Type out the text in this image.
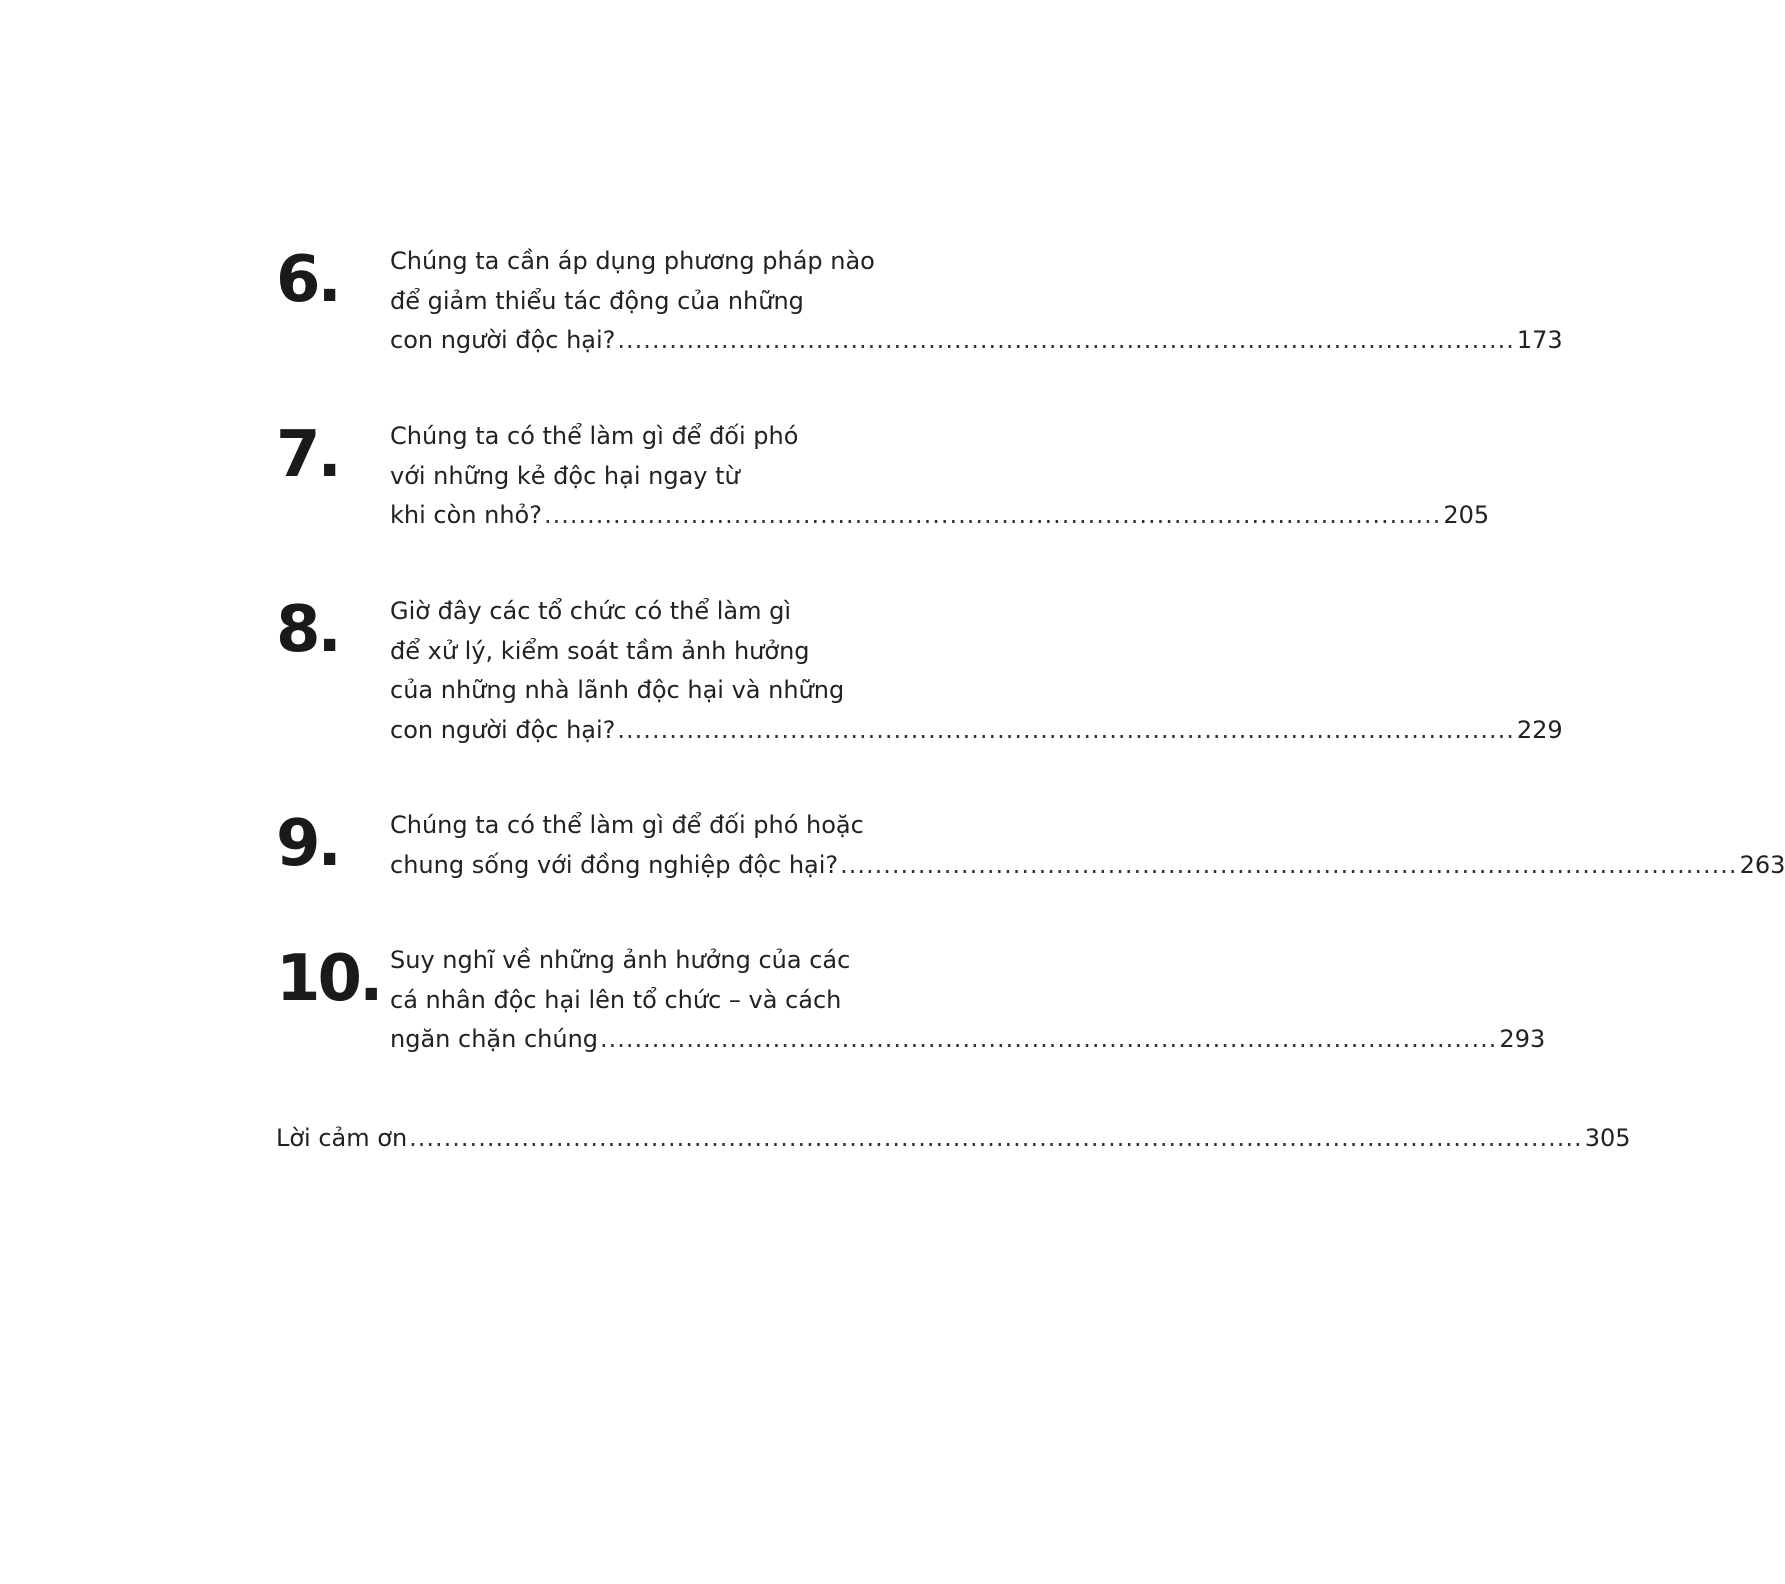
6. Chúng ta cần áp dụng phương pháp nào
để giảm thiểu tác động của những
con người độc hại? ........................................................................................................ 173
7. Chúng ta có thể làm gì để đối phó
với những kẻ độc hại ngay từ
khi còn nhỏ? ........................................................................................................ 205
8. Giờ đây các tổ chức có thể làm gì
để xử lý, kiểm soát tầm ảnh hưởng
của những nhà lãnh độc hại và những
con người độc hại? ........................................................................................................ 229
9. Chúng ta có thể làm gì để đối phó hoặc
chung sống với đồng nghiệp độc hại? ........................................................................................................ 263
10. Suy nghĩ về những ảnh hưởng của các
cá nhân độc hại lên tổ chức – và cách
ngăn chặn chúng ........................................................................................................ 293
Lời cảm ơn ........................................................................................................................................ 305
